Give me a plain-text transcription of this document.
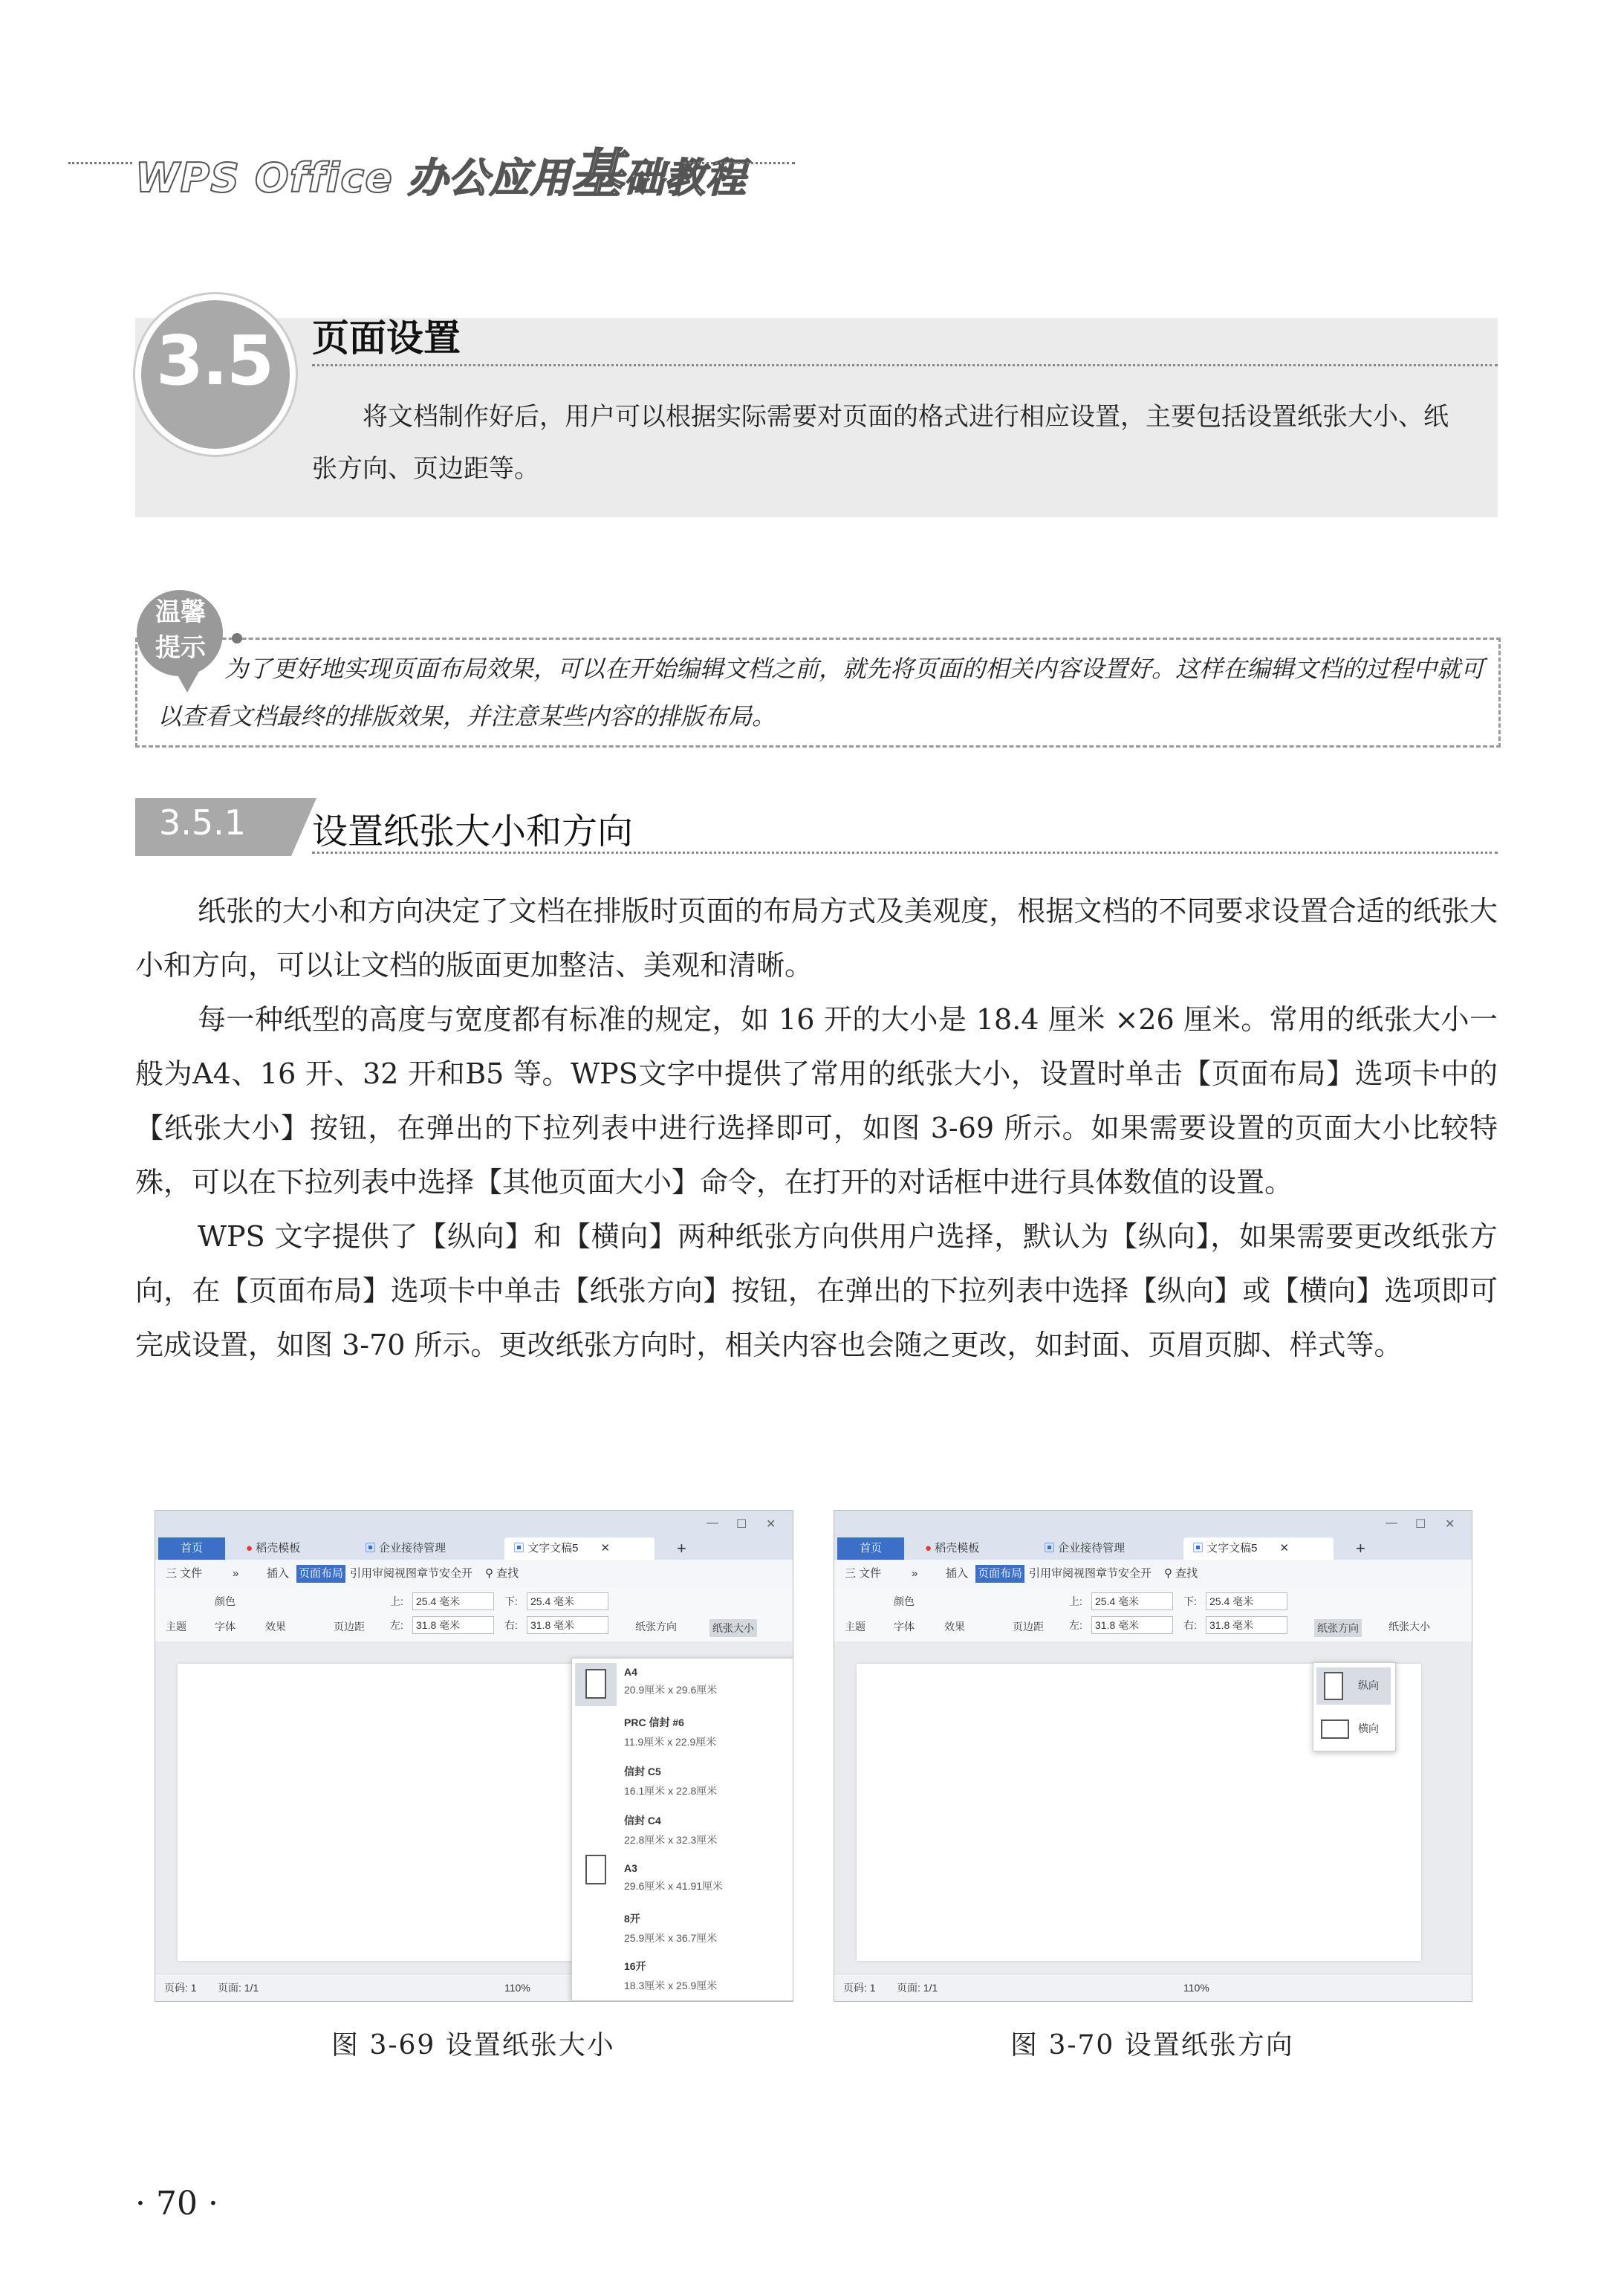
WPS Office 办公应用基础教程
3.5 页面设置
将文档制作好后，用户可以根据实际需要对页面的格式进行相应设置，主要包括设置纸张大小、纸张方向、页边距等。
温馨
提示
为了更好地实现页面布局效果，可以在开始编辑文档之前，就先将页面的相关内容设置好。这样在编辑文档的过程中就可以查看文档最终的排版效果，并注意某些内容的排版布局。
3.5.1 设置纸张大小和方向

纸张的大小和方向决定了文档在排版时页面的布局方式及美观度，根据文档的不同要求设置合适的纸张大小和方向，可以让文档的版面更加整洁、美观和清晰。

每一种纸型的高度与宽度都有标准的规定，如 16 开的大小是 18.4 厘米 ×26 厘米。常用的纸张大小一般为A4、16 开、32 开和B5 等。WPS文字中提供了常用的纸张大小，设置时单击【页面布局】选项卡中的【纸张大小】按钮，在弹出的下拉列表中进行选择即可，如图 3-69 所示。如果需要设置的页面大小比较特殊，可以在下拉列表中选择【其他页面大小】命令，在打开的对话框中进行具体数值的设置。

WPS 文字提供了【纵向】和【横向】两种纸张方向供用户选择，默认为【纵向】，如果需要更改纸张方向，在【页面布局】选项卡中单击【纸张方向】按钮，在弹出的下拉列表中选择【纵向】或【横向】选项即可完成设置，如图 3-70 所示。更改纸张方向时，相关内容也会随之更改，如封面、页眉页脚、样式等。

— ☐ ✕
首页	● 稻壳模板	▣ 企业接待管理	▣ 文字文稿5 ✕	+
三 文件	»	插入 页面布局 引用审阅视图章节安全开 ⚲ 查找
主题
颜色
字体	效果	页边距
上:	25.4 毫米	下:	25.4 毫米
左:	31.8 毫米	右:	31.8 毫米	纸张方向	纸张大小
页码: 1 页面: 1/1	110%
A4
20.9厘米 x 29.6厘米
PRC 信封 #6
11.9厘米 x 22.9厘米
信封 C5
16.1厘米 x 22.8厘米
信封 C4
22.8厘米 x 32.3厘米
A3
29.6厘米 x 41.91厘米
8开
25.9厘米 x 36.7厘米
16开
18.3厘米 x 25.9厘米
— ☐ ✕
首页	● 稻壳模板	▣ 企业接待管理	▣ 文字文稿5 ✕	+
三 文件	»	插入 页面布局 引用审阅视图章节安全开 ⚲ 查找
主题
颜色
字体	效果	页边距
上:	25.4 毫米	下:	25.4 毫米
左:	31.8 毫米	右:	31.8 毫米	纸张方向	纸张大小
页码: 1 页面: 1/1	110%
纵向
横向
图 3-69 设置纸张大小	图 3-70 设置纸张方向
· 70 ·
